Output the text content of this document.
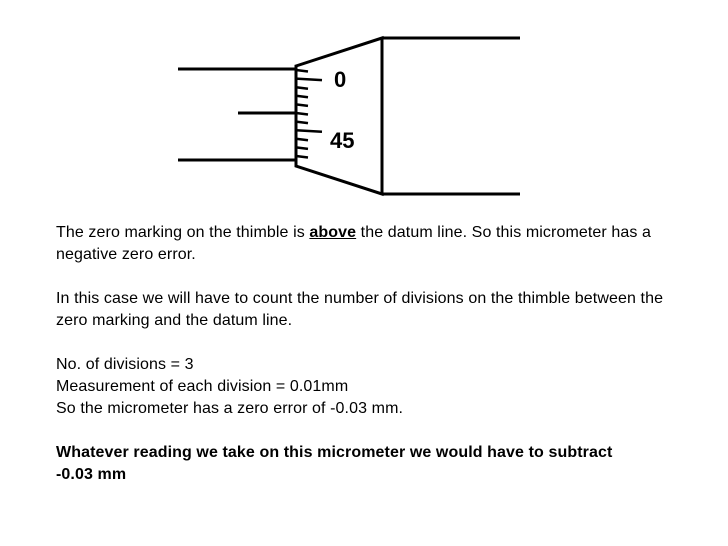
0
45

The zero marking on the thimble is above the datum line. So this micrometer has a negative zero error.

In this case we will have to count the number of divisions on the thimble between the zero marking and the datum line.

No. of divisions = 3

Measurement of each division = 0.01mm

So the micrometer has a zero error of -0.03 mm.

Whatever reading we take on this micrometer we would have to subtract -0.03 mm
